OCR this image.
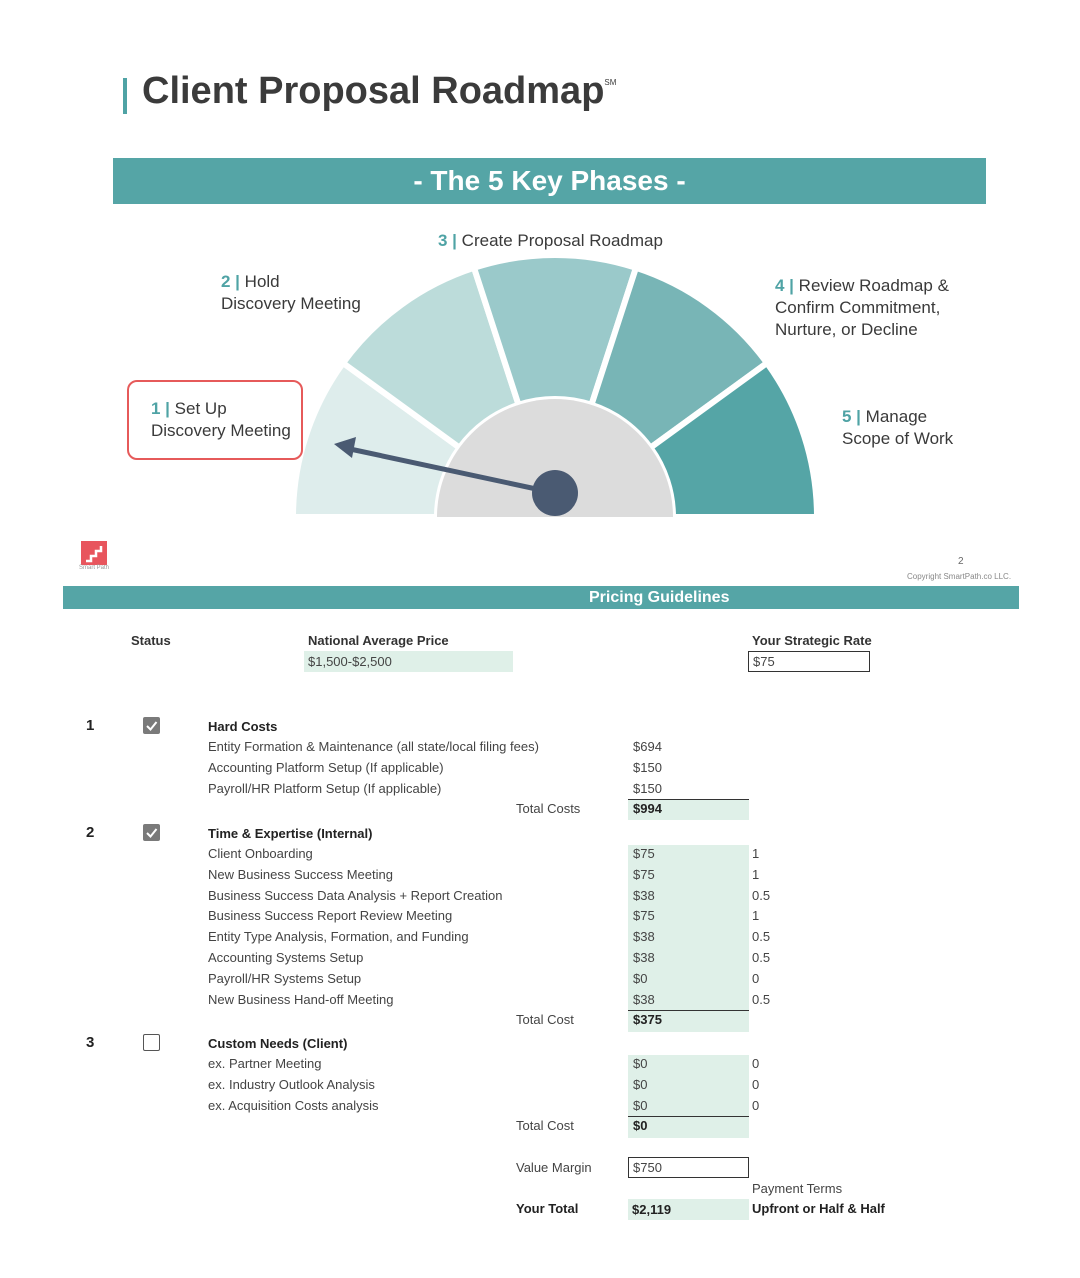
Client Proposal Roadmap℠
- The 5 Key Phases -
1 | Set Up
Discovery Meeting
2 | Hold
Discovery Meeting
3 | Create Proposal Roadmap
4 | Review Roadmap &
Confirm Commitment,
Nurture, or Decline
5 | Manage
Scope of Work
Smart Path
2
Copyright SmartPath.co LLC.
Pricing Guidelines
Status	National Average Price
$1,500-$2,500
Your Strategic Rate
$75
1	Hard Costs
Entity Formation & Maintenance (all state/local filing fees)	$694
Accounting Platform Setup (If applicable)	$150
Payroll/HR Platform Setup (If applicable)	$150
Total Costs	$994
2	Time & Expertise (Internal)
Client Onboarding	$75	1
New Business Success Meeting	$75	1
Business Success Data Analysis + Report Creation	$38	0.5
Business Success Report Review Meeting	$75	1
Entity Type Analysis, Formation, and Funding	$38	0.5
Accounting Systems Setup	$38	0.5
Payroll/HR Systems Setup	$0	0
New Business Hand-off Meeting	$38	0.5
Total Cost	$375
3	Custom Needs (Client)
ex. Partner Meeting	$0	0
ex. Industry Outlook Analysis	$0	0
ex. Acquisition Costs analysis	$0	0
Total Cost	$0
Value Margin	$750
Payment Terms
Your Total	$2,119	Upfront or Half & Half
